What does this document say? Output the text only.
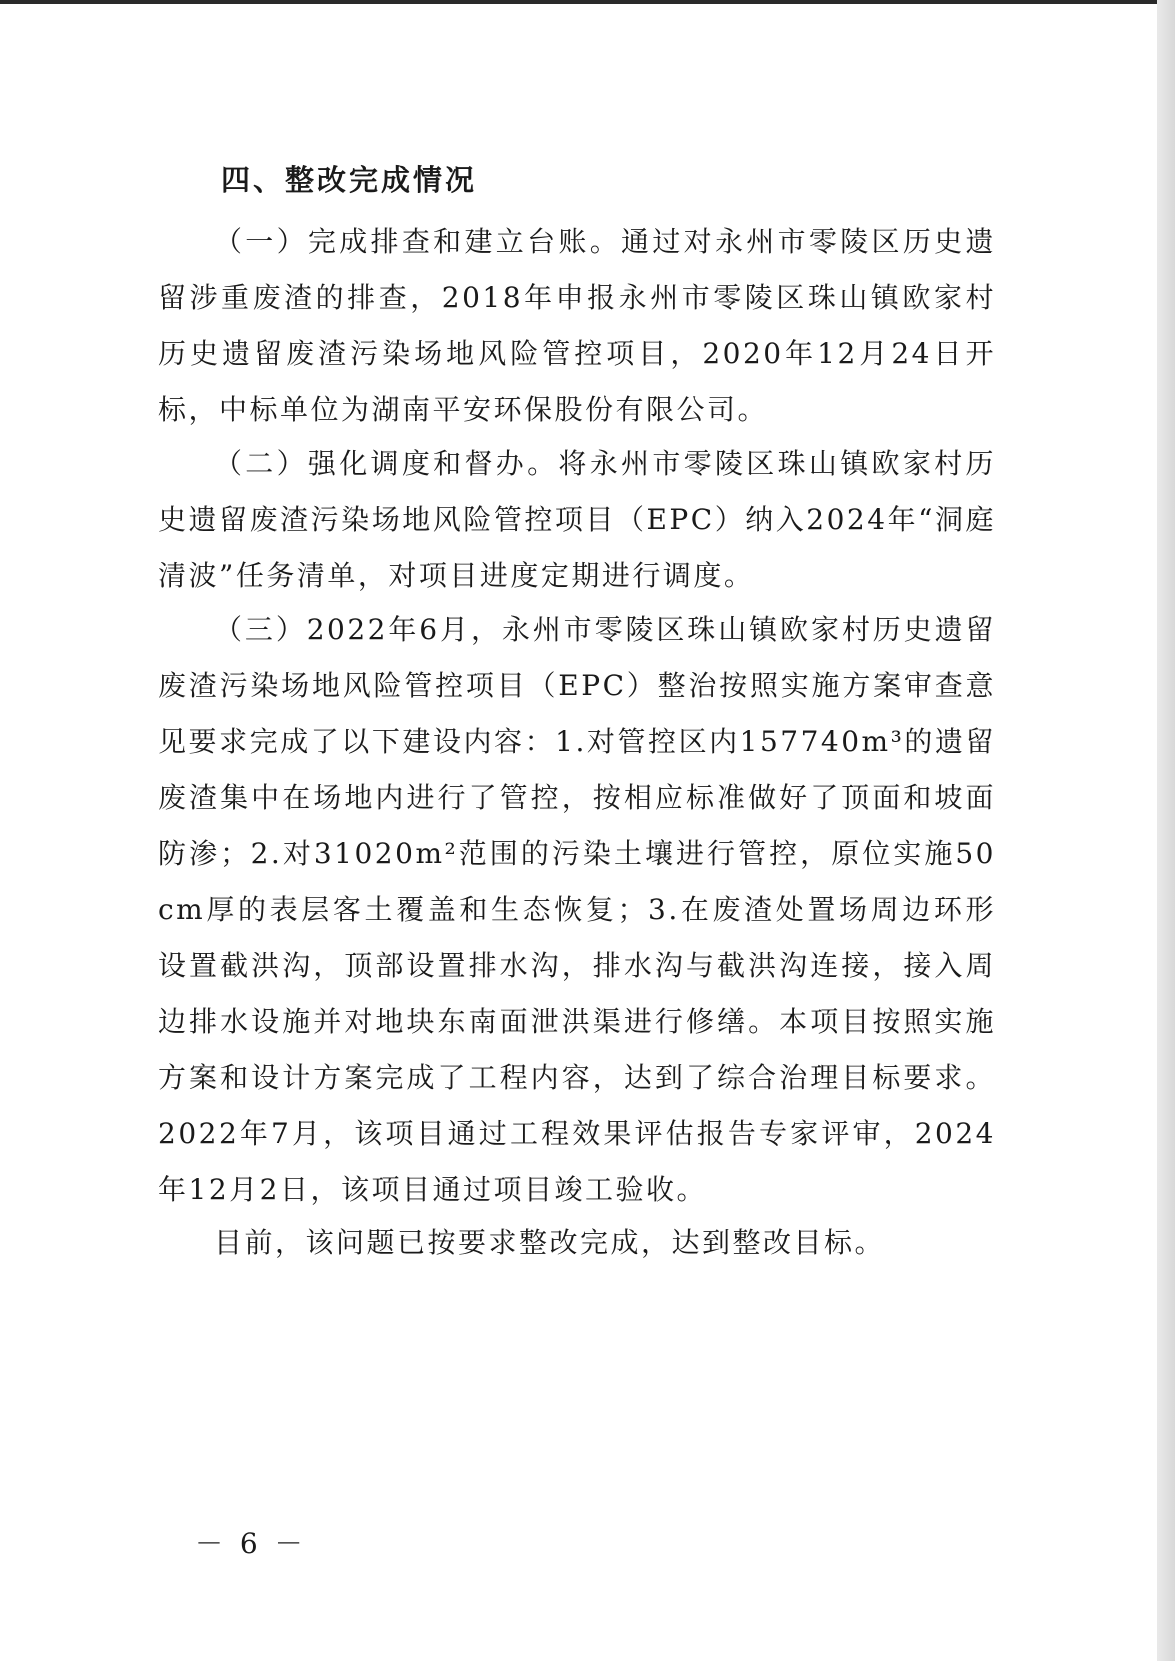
四、整改完成情况

（一）完成排查和建立台账。通过对永州市零陵区历史遗留涉重废渣的排查，2018年申报永州市零陵区珠山镇欧家村历史遗留废渣污染场地风险管控项目，2020年12月24日开标，中标单位为湖南平安环保股份有限公司。

（二）强化调度和督办。将永州市零陵区珠山镇欧家村历史遗留废渣污染场地风险管控项目（EPC）纳入2024年“洞庭清波”任务清单，对项目进度定期进行调度。

（三）2022年6月，永州市零陵区珠山镇欧家村历史遗留废渣污染场地风险管控项目（EPC）整治按照实施方案审查意见要求完成了以下建设内容：1.对管控区内157740m³的遗留废渣集中在场地内进行了管控，按相应标准做好了顶面和坡面防渗；2.对31020m²范围的污染土壤进行管控，原位实施50cm厚的表层客土覆盖和生态恢复；3.在废渣处置场周边环形设置截洪沟，顶部设置排水沟，排水沟与截洪沟连接，接入周边排水设施并对地块东南面泄洪渠进行修缮。本项目按照实施方案和设计方案完成了工程内容，达到了综合治理目标要求。2022年7月，该项目通过工程效果评估报告专家评审，2024年12月2日，该项目通过项目竣工验收。

目前，该问题已按要求整改完成，达到整改目标。

－ 6 －
